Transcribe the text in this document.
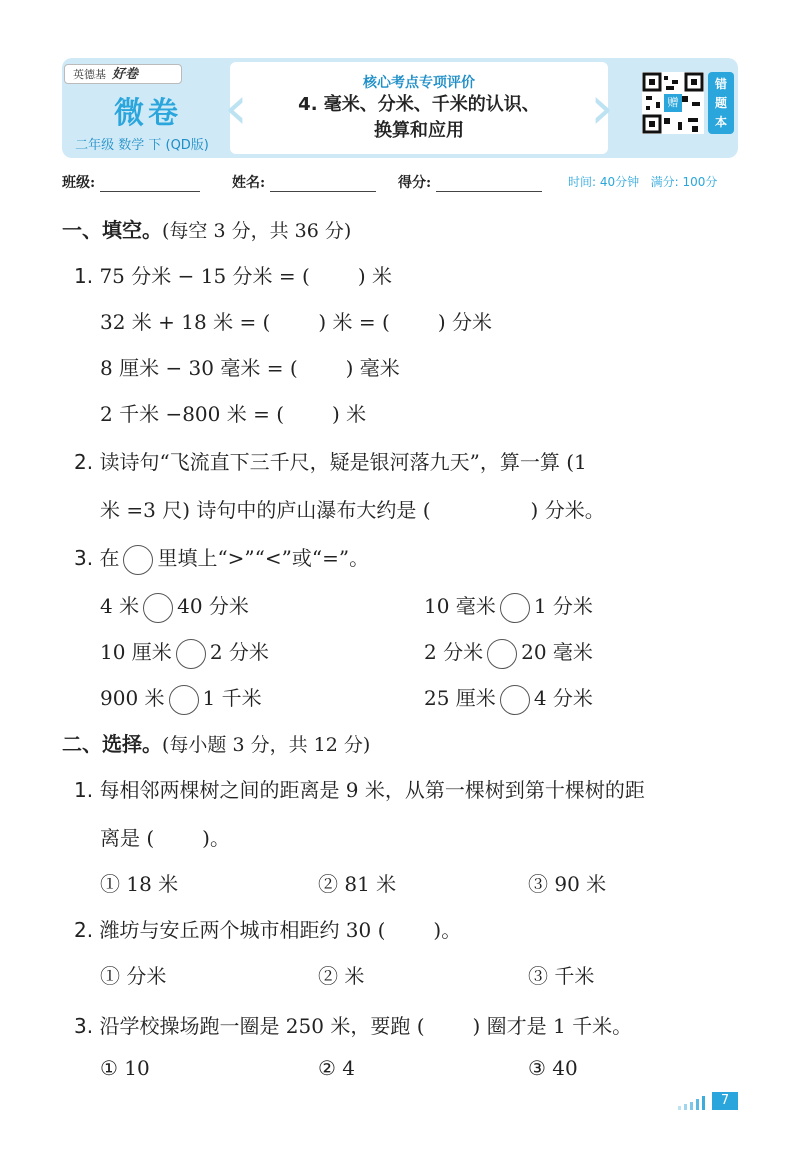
英德基 好卷
微卷
二年级 数学 下 (QD版)
‹	›
核心考点专项评价
4. 毫米、分米、千米的认识、
换算和应用
赠
错
题
本
班级:	姓名:	得分:	时间: 40分钟 满分: 100分
一、填空。(每空 3 分，共 36 分)
1. 75 分米 − 15 分米 = ( ) 米
32 米 + 18 米 = ( ) 米 = ( ) 分米
8 厘米 − 30 毫米 = ( ) 毫米
2 千米 −800 米 = ( ) 米
2. 读诗句“飞流直下三千尺，疑是银河落九天”，算一算 (1
米 =3 尺) 诗句中的庐山瀑布大约是 (	) 分米。
3. 在 里填上“>”“<”或“=”。
4 米 40 分米	10 毫米 1 分米
10 厘米 2 分米	2 分米 20 毫米
900 米 1 千米	25 厘米 4 分米
二、选择。(每小题 3 分，共 12 分)
1. 每相邻两棵树之间的距离是 9 米，从第一棵树到第十棵树的距
离是 ( )。
① 18 米	② 81 米	③ 90 米
2. 潍坊与安丘两个城市相距约 30 ( )。
① 分米	② 米	③ 千米
3. 沿学校操场跑一圈是 250 米，要跑 ( ) 圈才是 1 千米。
① 10	② 4	③ 40
7
